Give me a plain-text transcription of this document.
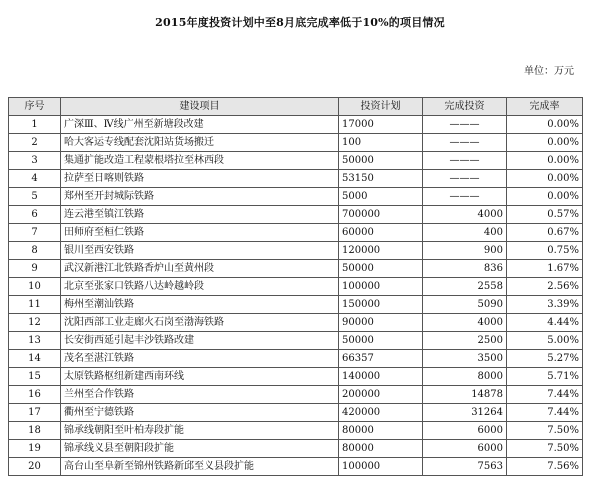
2015年度投资计划中至8月底完成率低于10%的项目情况
单位：万元
序号	建设项目	投资计划	完成投资	完成率
1	广深Ⅲ、Ⅳ线广州至新塘段改建	17000	———	0.00%
2	哈大客运专线配套沈阳站货场搬迁	100	———	0.00%
3	集通扩能改造工程蒙根塔拉至林西段	50000	———	0.00%
4	拉萨至日喀则铁路	53150	———	0.00%
5	郑州至开封城际铁路	5000	———	0.00%
6	连云港至镇江铁路	700000	4000	0.57%
7	田师府至桓仁铁路	60000	400	0.67%
8	银川至西安铁路	120000	900	0.75%
9	武汉新港江北铁路香炉山至黄州段	50000	836	1.67%
10	北京至张家口铁路八达岭越岭段	100000	2558	2.56%
11	梅州至潮汕铁路	150000	5090	3.39%
12	沈阳西部工业走廊火石岗至渤海铁路	90000	4000	4.44%
13	长安街西延引起丰沙铁路改建	50000	2500	5.00%
14	茂名至湛江铁路	66357	3500	5.27%
15	太原铁路枢纽新建西南环线	140000	8000	5.71%
16	兰州至合作铁路	200000	14878	7.44%
17	衢州至宁德铁路	420000	31264	7.44%
18	锦承线朝阳至叶柏寿段扩能	80000	6000	7.50%
19	锦承线义县至朝阳段扩能	80000	6000	7.50%
20	高台山至阜新至锦州铁路新邱至义县段扩能	100000	7563	7.56%
